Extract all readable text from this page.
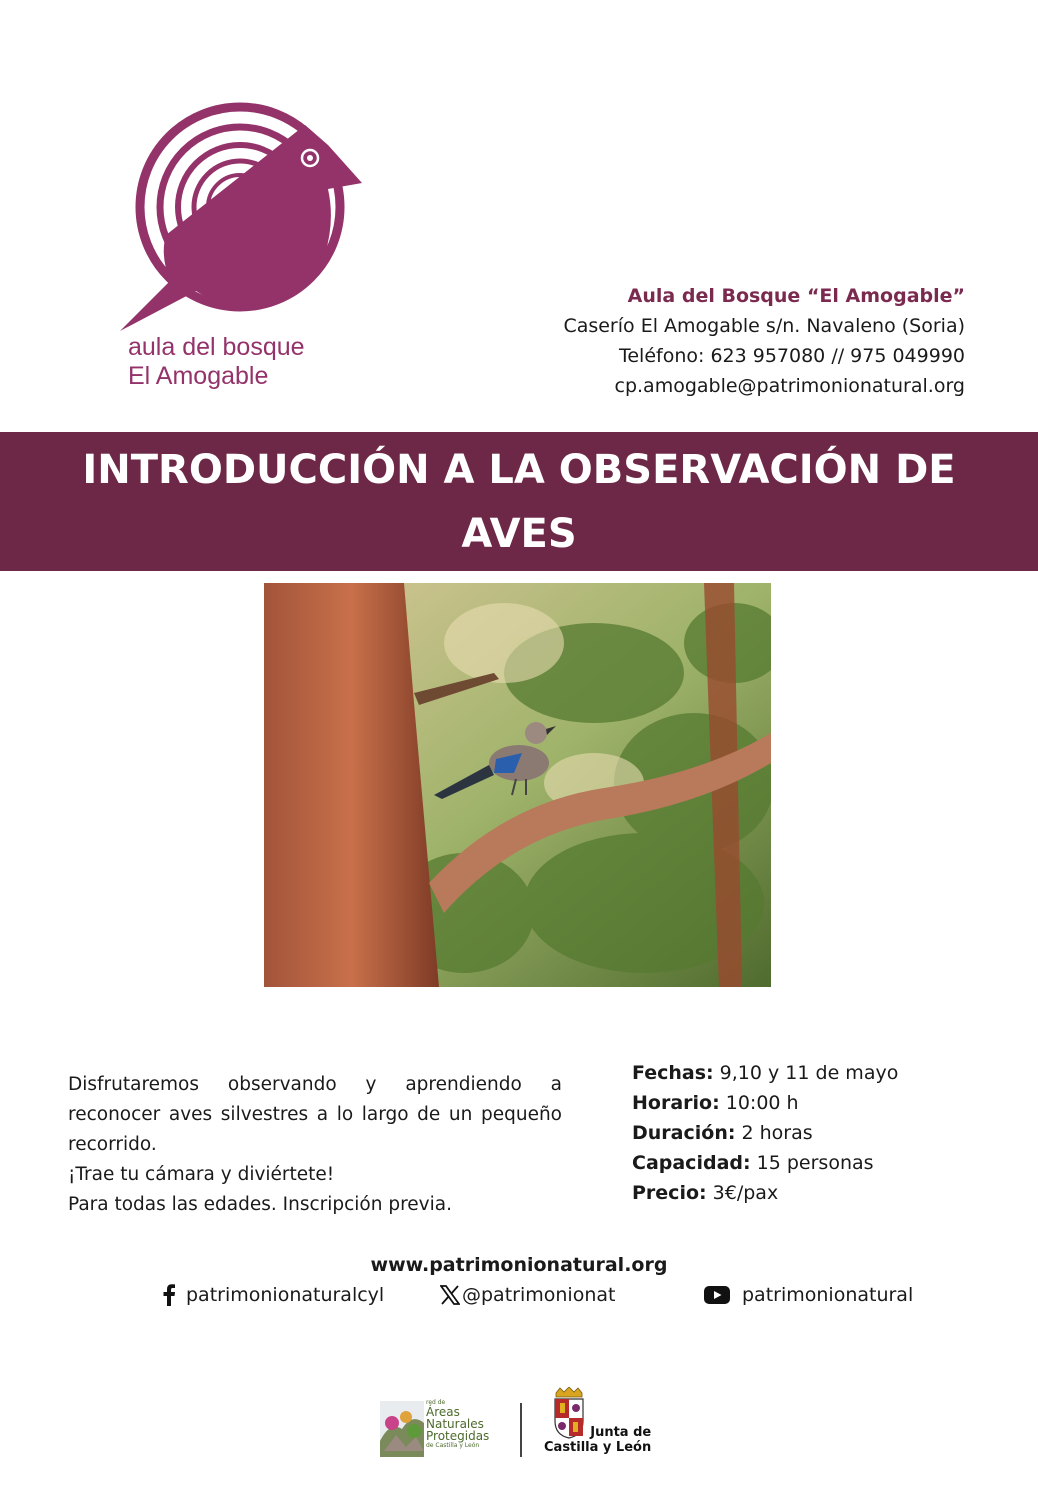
aula del bosque
El Amogable
Aula del Bosque “El Amogable”
Caserío El Amogable s/n. Navaleno (Soria)
Teléfono: 623 957080 // 975 049990
cp.amogable@patrimonionatural.org
INTRODUCCIÓN A LA OBSERVACIÓN DE AVES

Disfrutaremos observando y aprendiendo a reconocer aves silvestres a lo largo de un pequeño recorrido.

¡Trae tu cámara y diviértete!

Para todas las edades. Inscripción previa.

Fechas: 9,10 y 11 de mayo
Horario: 10:00 h
Duración: 2 horas
Capacidad: 15 personas
Precio: 3€/pax
www.patrimonionatural.org
patrimonionaturalcyl	@patrimonionat	patrimonionatural
red de
Áreas
Naturales
Protegidas
de Castilla y León
Junta de
Castilla y León
